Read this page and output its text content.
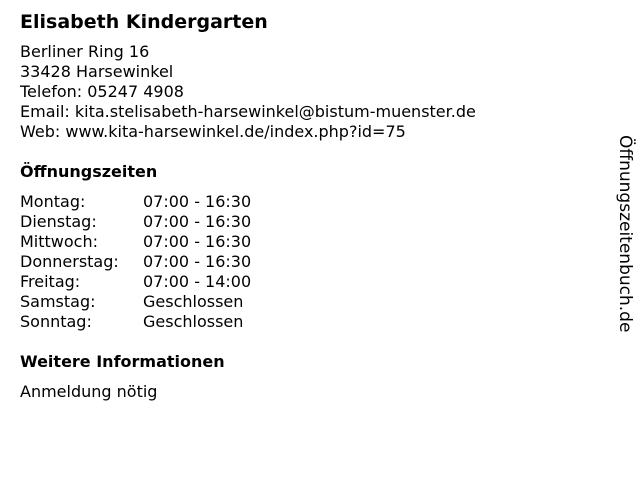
Elisabeth Kindergarten
Berliner Ring 16
33428 Harsewinkel
Telefon: 05247 4908
Email: kita.stelisabeth-harsewinkel@bistum-muenster.de
Web: www.kita-harsewinkel.de/index.php?id=75
Öffnungszeiten
Montag:	07:00 - 16:30
Dienstag:	07:00 - 16:30
Mittwoch:	07:00 - 16:30
Donnerstag:	07:00 - 16:30
Freitag:	07:00 - 14:00
Samstag:	Geschlossen
Sonntag:	Geschlossen
Weitere Informationen
Anmeldung nötig
Öffnungszeitenbuch.de
